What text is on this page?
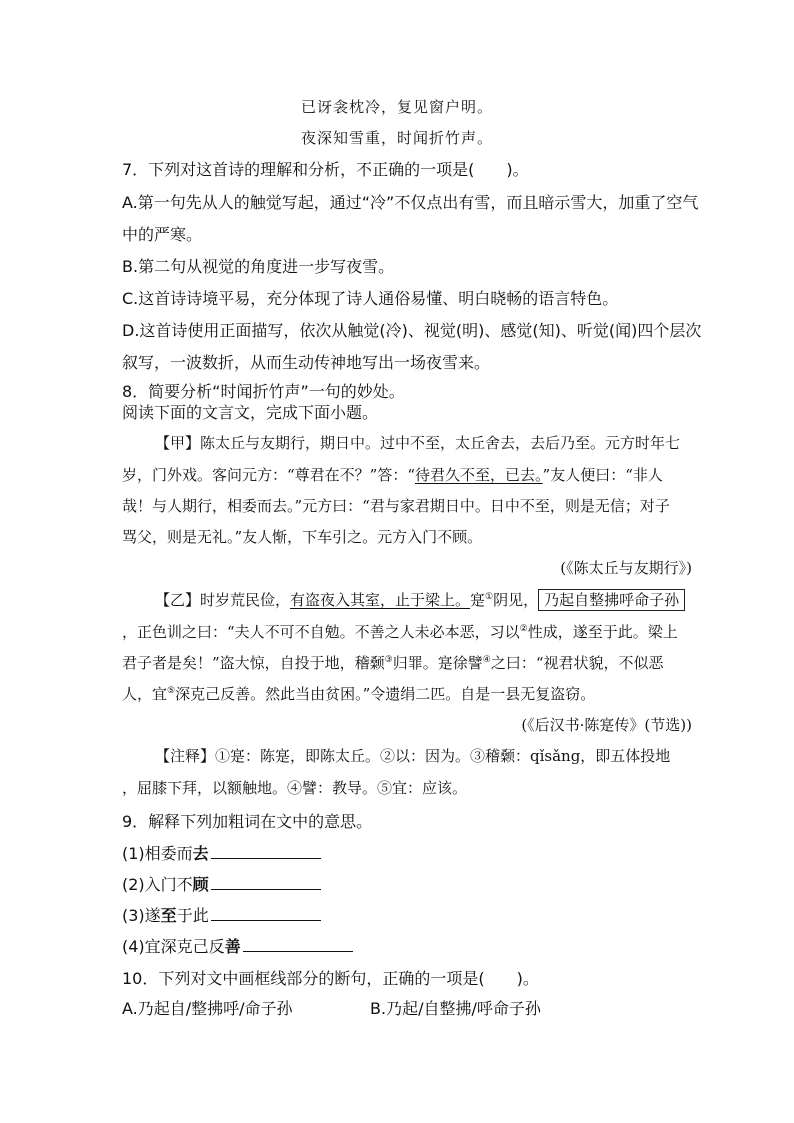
已讶衾枕冷，复见窗户明。
夜深知雪重，时闻折竹声。
7．下列对这首诗的理解和分析，不正确的一项是(　　)。
A.第一句先从人的触觉写起，通过“冷”不仅点出有雪，而且暗示雪大，加重了空气
中的严寒。
B.第二句从视觉的角度进一步写夜雪。
C.这首诗诗境平易，充分体现了诗人通俗易懂、明白晓畅的语言特色。
D.这首诗使用正面描写，依次从触觉(冷)、视觉(明)、感觉(知)、听觉(闻)四个层次
叙写，一波数折，从而生动传神地写出一场夜雪来。
8．简要分析“时闻折竹声”一句的妙处。
阅读下面的文言文，完成下面小题。
【甲】陈太丘与友期行，期日中。过中不至，太丘舍去，去后乃至。元方时年七
岁，门外戏。客问元方：“尊君在不？”答：“待君久不至，已去。”友人便曰：“非人
哉！与人期行，相委而去。”元方曰：“君与家君期日中。日中不至，则是无信；对子
骂父，则是无礼。”友人惭，下车引之。元方入门不顾。
(《陈太丘与友期行》)
【乙】时岁荒民俭，有盗夜入其室，止于梁上。寔①阴见， 乃起自整拂呼命子孙
，正色训之曰：“夫人不可不自勉。不善之人未必本恶，习以②性成，遂至于此。梁上
君子者是矣！”盗大惊，自投于地，稽颡③归罪。寔徐譬④之曰：“视君状貌，不似恶
人，宜⑤深克己反善。然此当由贫困。”令遗绢二匹。自是一县无复盗窃。
(《后汉书·陈寔传》(节选))
【注释】①寔：陈寔，即陈太丘。②以：因为。③稽颡：qǐsǎng，即五体投地
，屈膝下拜，以额触地。④譬：教导。⑤宜：应该。
9．解释下列加粗词在文中的意思。
(1)相委而去
(2)入门不顾
(3)遂至于此
(4)宜深克己反善
10．下列对文中画框线部分的断句，正确的一项是(　　)。
A.乃起自/整拂呼/命子孙	B.乃起/自整拂/呼命子孙
